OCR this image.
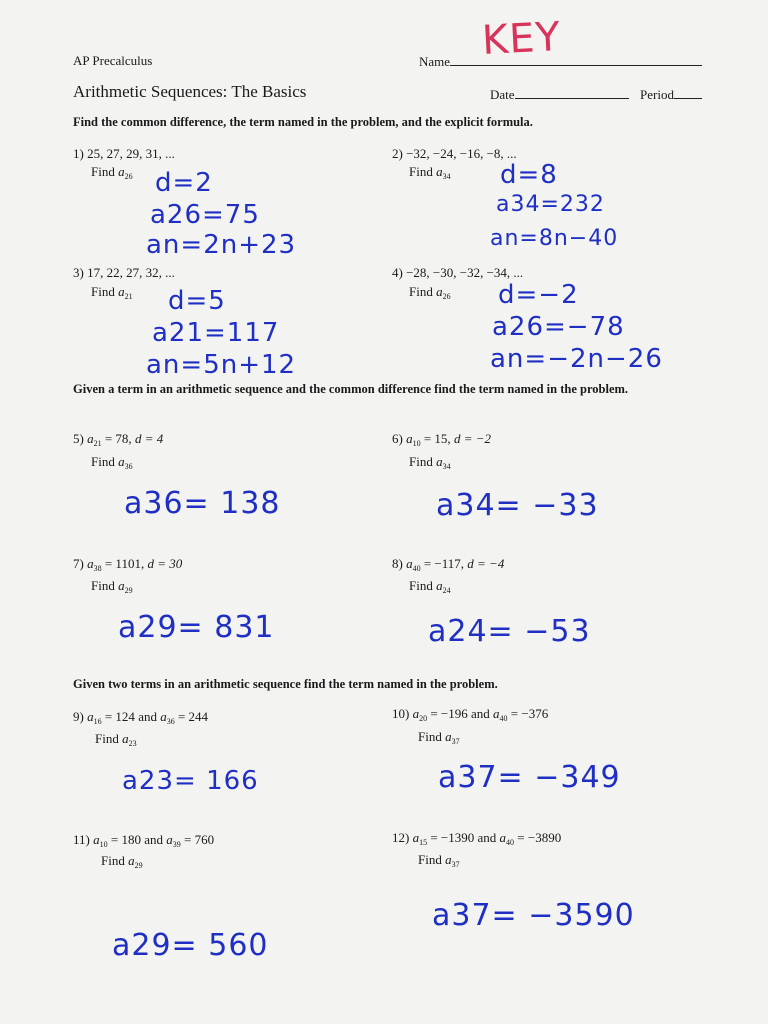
AP Precalculus	Name KEY
Arithmetic Sequences: The Basics	Date	Period
Find the common difference, the term named in the problem, and the explicit formula.
1) 25, 27, 29, 31, ...
Find $a_{26}$ d=2
a26=75
an=2n+23
2) −32, −24, −16, −8, ...
Find $a_{34}$ d=8
a34=232
an=8n−40
3) 17, 22, 27, 32, ...
Find $a_{21}$ d=5
a21=117
an=5n+12
4) −28, −30, −32, −34, ...
Find $a_{26}$ d=−2
a26=−78
an=−2n−26
Given a term in an arithmetic sequence and the common difference find the term named in the problem.
5) $a_{21} = 78$, d = 4
Find $a_{36}$
a36= 138
6) $a_{10} = 15$, d = −2
Find $a_{34}$
a34= −33
7) $a_{38} = 1101$, d = 30
Find $a_{29}$
a29= 831
8) $a_{40} = -117$, d = −4
Find $a_{24}$
a24= −53
Given two terms in an arithmetic sequence find the term named in the problem.
9) $a_{16} = 124$ and $a_{36} = 244$
Find $a_{23}$
a23= 166
10) $a_{20} = -196$ and $a_{40} = -376$
Find $a_{37}$
a37= −349
11) $a_{10} = 180$ and $a_{39} = 760$
Find $a_{29}$
a29= 560
12) $a_{15} = -1390$ and $a_{40} = -3890$
Find $a_{37}$
a37= −3590
